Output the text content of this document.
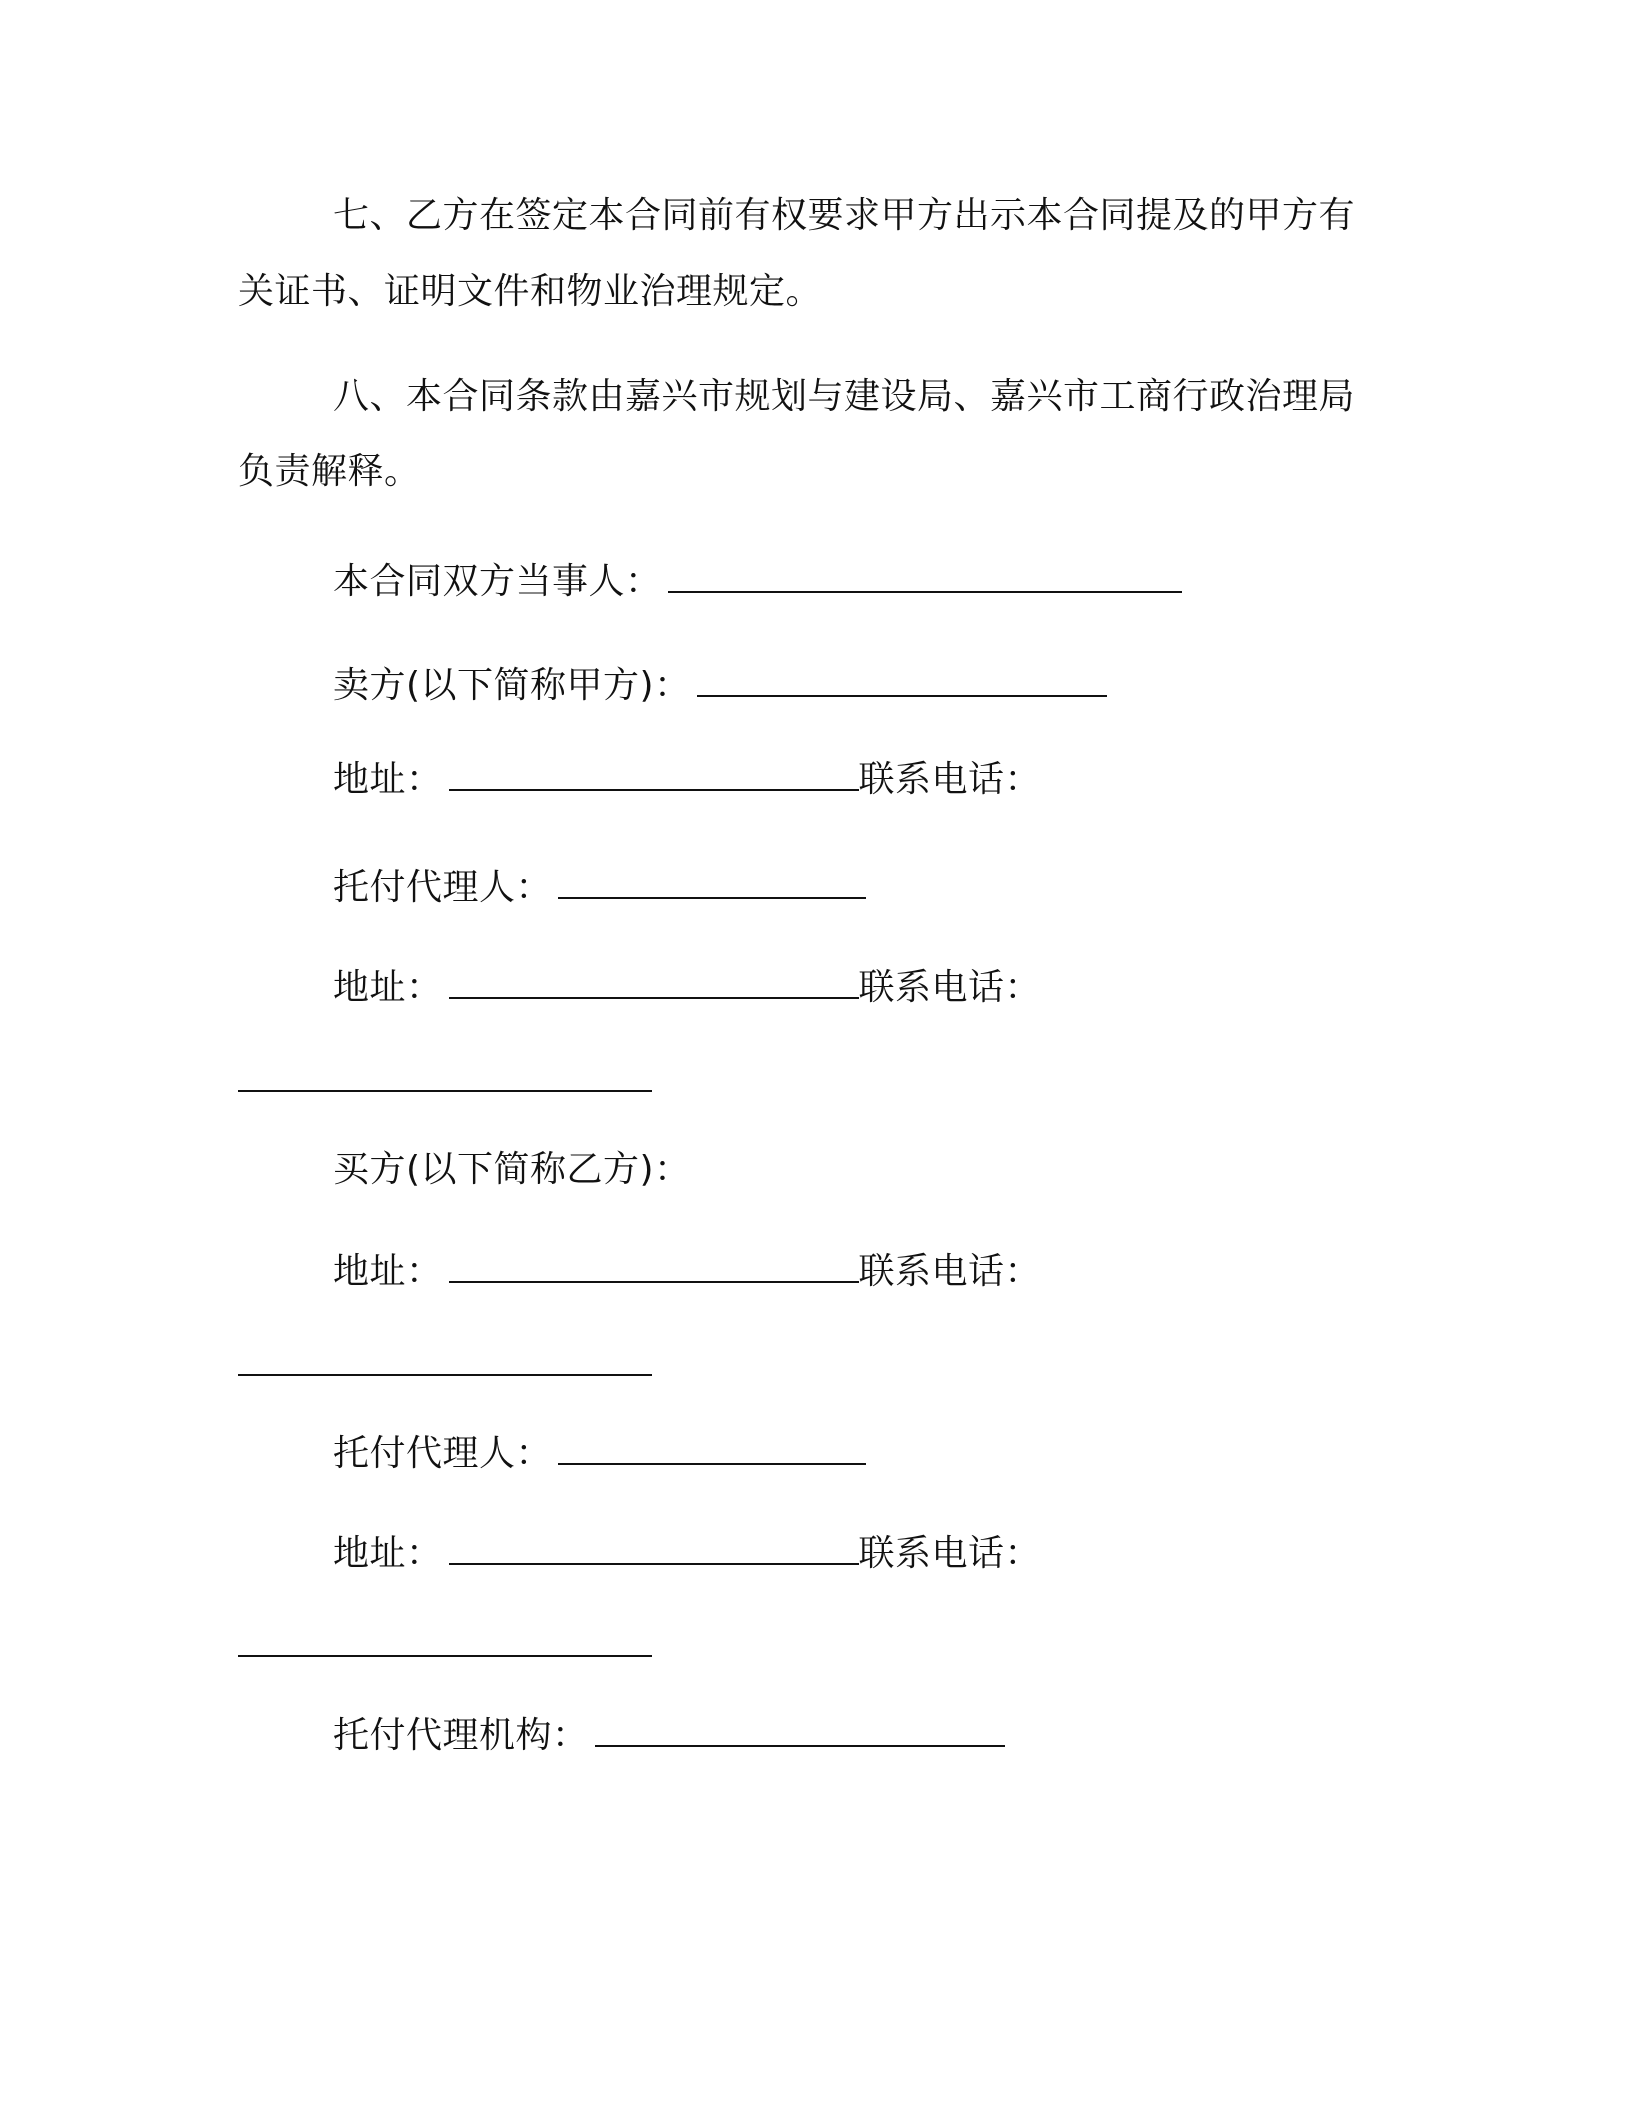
七、乙方在签定本合同前有权要求甲方出示本合同提及的甲方有
关证书、证明文件和物业治理规定。
八、本合同条款由嘉兴市规划与建设局、嘉兴市工商行政治理局
负责解释。
本合同双方当事人：
卖方(以下简称甲方)：
地址：	联系电话：
托付代理人：
地址：	联系电话：
买方(以下简称乙方)：
地址：	联系电话：
托付代理人：
地址：	联系电话：
托付代理机构：
